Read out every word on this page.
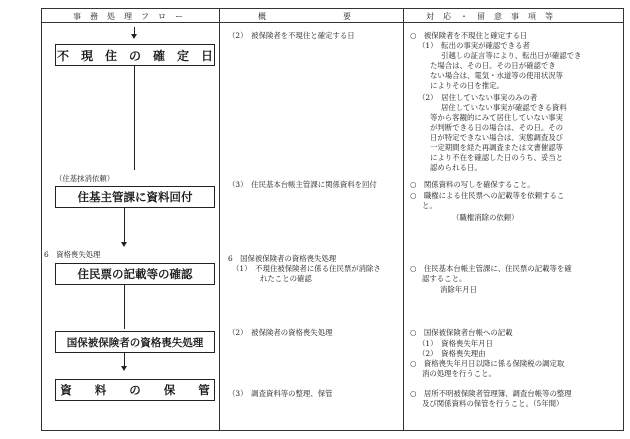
事　務　処　理　フ　ロ　ー	概　　　　　　　　　要	対　応　・　留　意　事　項　等
不　現　住　の　確　定　日
（住基抹消依頼）
住基主管課に資料回付
6　資格喪失処理
住民票の記載等の確認
国保被保険者の資格喪失処理
資　　料　　の　　保　　管
（2）　被保険者を不現住と確定する日
（3）　住民基本台帳主管課に関係資料を回付
6　国保被保険者の資格喪失処理
（1）　不現住被保険者に係る住民票が消除さ
れたことの確認
（2）　被保険者の資格喪失処理
（3）　調査資料等の整理、保管
○　被保険者を不現住と確定する日
（1）　転出の事実が確認できる者
引越しの証言等により、転出日が確認でき
た場合は、その日。その日が確認でき
ない場合は、電気・水道等の使用状況等
によりその日を推定。
（2）　居住していない事実のみの者
居住していない事実が確認できる資料
等から客観的にみて居住していない事実
が判断できる日の場合は、その日。その
日が特定できない場合は、実態調査及び
一定期間を経た再調査または文書催認等
により不在を確認した日のうち、妥当と
認められる日。
○　関係資料の写しを確保すること。
○　職権による住民票への記載等を依頼するこ
と。
（職権消除の依頼）
○　住民基本台帳主管課に、住民票の記載等を確
認すること。
消除年月日
○　国保被保険者台帳への記載
（1）　資格喪失年月日
（2）　資格喪失理由
○　資格喪失年月日以降に係る保険税の調定取
消の処理を行うこと。
○　居所不明被保険者管理簿、調査台帳等の整理
及び関係資料の保管を行うこと。（5年間）
